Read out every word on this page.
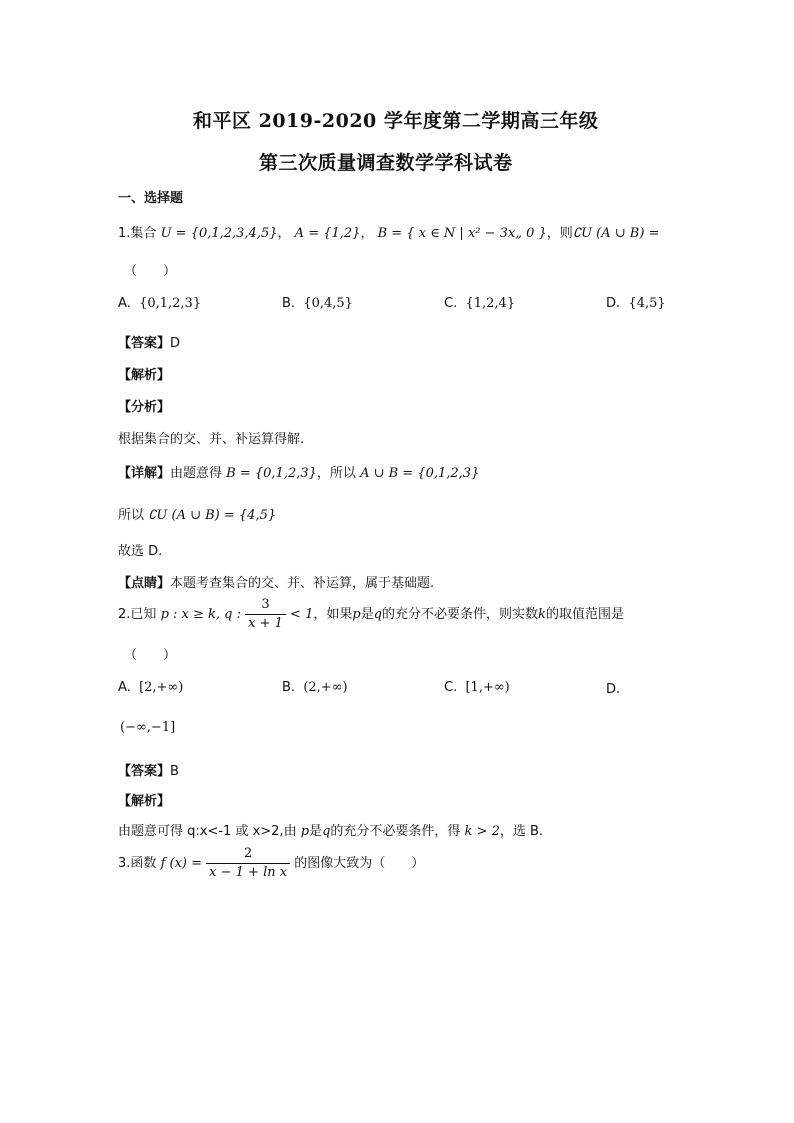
和平区 2019-2020 学年度第二学期高三年级
第三次质量调查数学学科试卷
一、选择题
1.集合 U = {0,1,2,3,4,5}， A = {1,2}， B = { x ∈ N | x² − 3x„ 0 }，则∁U (A ∪ B) =
（　　）
A. {0,1,2,3}	B. {0,4,5}	C. {1,2,4}	D. {4,5}
【答案】D
【解析】
【分析】
根据集合的交、并、补运算得解.
【详解】由题意得 B = {0,1,2,3}，所以 A ∪ B = {0,1,2,3}
所以 ∁U (A ∪ B) = {4,5}
故选 D.
【点睛】本题考查集合的交、并、补运算，属于基础题.
2.已知 p : x ≥ k, q : $\frac{3}{x + 1} < 1$，如果p是q的充分不必要条件，则实数k的取值范围是
（　　）
A. [2,+∞)	B. (2,+∞)	C. [1,+∞)	D.
(−∞,−1]
【答案】B
【解析】
由题意可得 q:x<-1 或 x>2,由 p是q的充分不必要条件，得 k > 2，选 B.
3.函数 f $(x) = \frac{2}{\text{x − 1 + ln x}}$ 的图像大致为（　　）
